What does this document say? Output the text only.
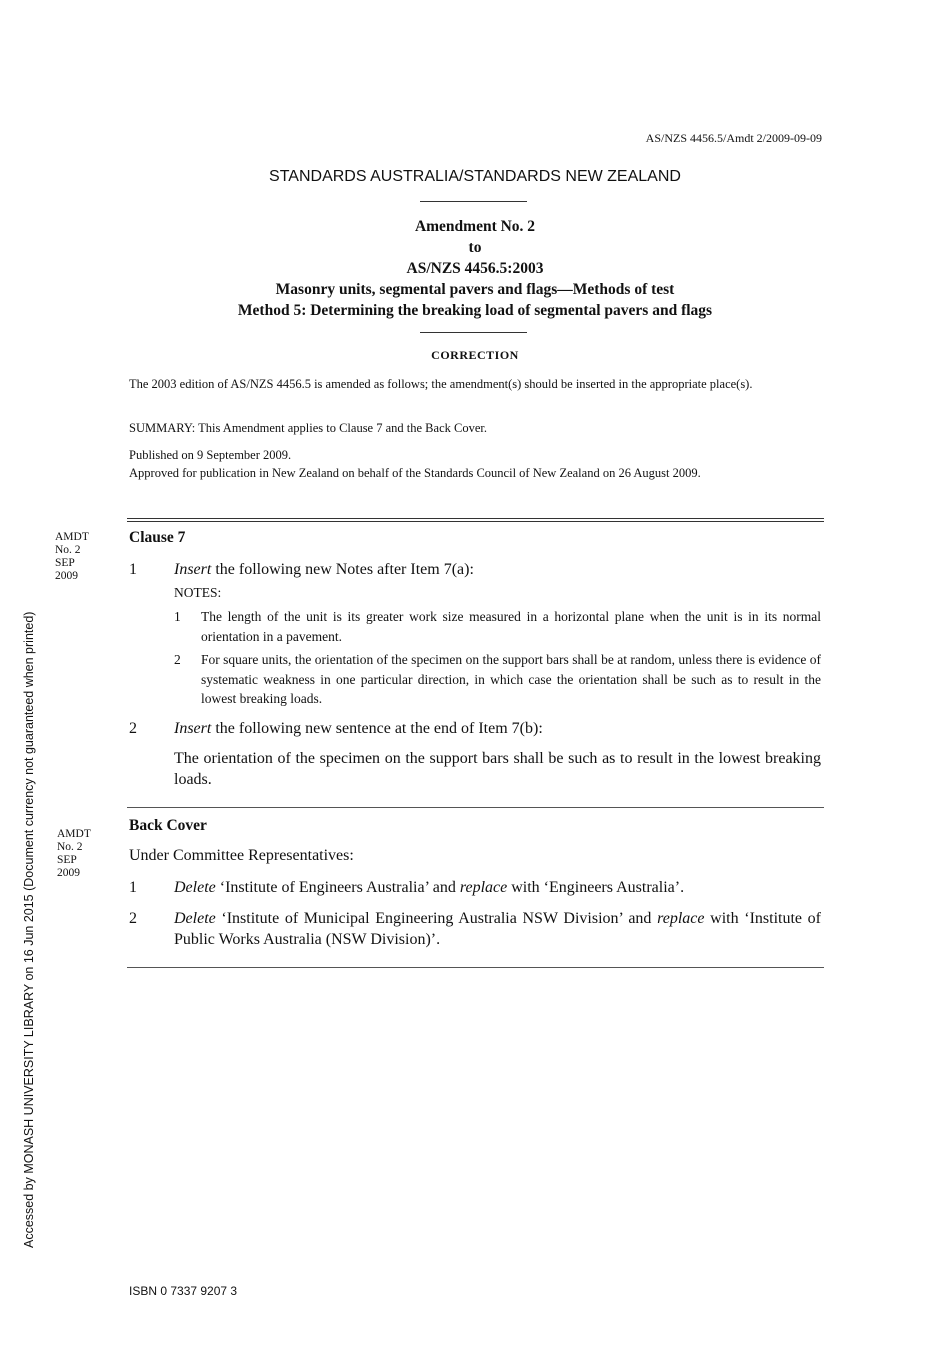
AS/NZS 4456.5/Amdt 2/2009-09-09
STANDARDS AUSTRALIA/STANDARDS NEW ZEALAND
Amendment No. 2
to
AS/NZS 4456.5:2003
Masonry units, segmental pavers and flags—Methods of test
Method 5: Determining the breaking load of segmental pavers and flags
CORRECTION
The 2003 edition of AS/NZS 4456.5 is amended as follows; the amendment(s) should be inserted in the appropriate place(s).
SUMMARY: This Amendment applies to Clause 7 and the Back Cover.
Published on 9 September 2009.
Approved for publication in New Zealand on behalf of the Standards Council of New Zealand on 26 August 2009.
AMDT
No. 2
SEP
2009
Clause 7
1 Insert the following new Notes after Item 7(a):
NOTES:
1 The length of the unit is its greater work size measured in a horizontal plane when the unit is in its normal orientation in a pavement.
2 For square units, the orientation of the specimen on the support bars shall be at random, unless there is evidence of systematic weakness in one particular direction, in which case the orientation shall be such as to result in the lowest breaking loads.
2 Insert the following new sentence at the end of Item 7(b):
The orientation of the specimen on the support bars shall be such as to result in the lowest breaking loads.
AMDT
No. 2
SEP
2009
Back Cover
Under Committee Representatives:
1 Delete ‘Institute of Engineers Australia’ and replace with ‘Engineers Australia’.
2 Delete ‘Institute of Municipal Engineering Australia NSW Division’ and replace with ‘Institute of Public Works Australia (NSW Division)’.
Accessed by MONASH UNIVERSITY LIBRARY on 16 Jun 2015 (Document currency not guaranteed when printed)
ISBN 0 7337 9207 3
